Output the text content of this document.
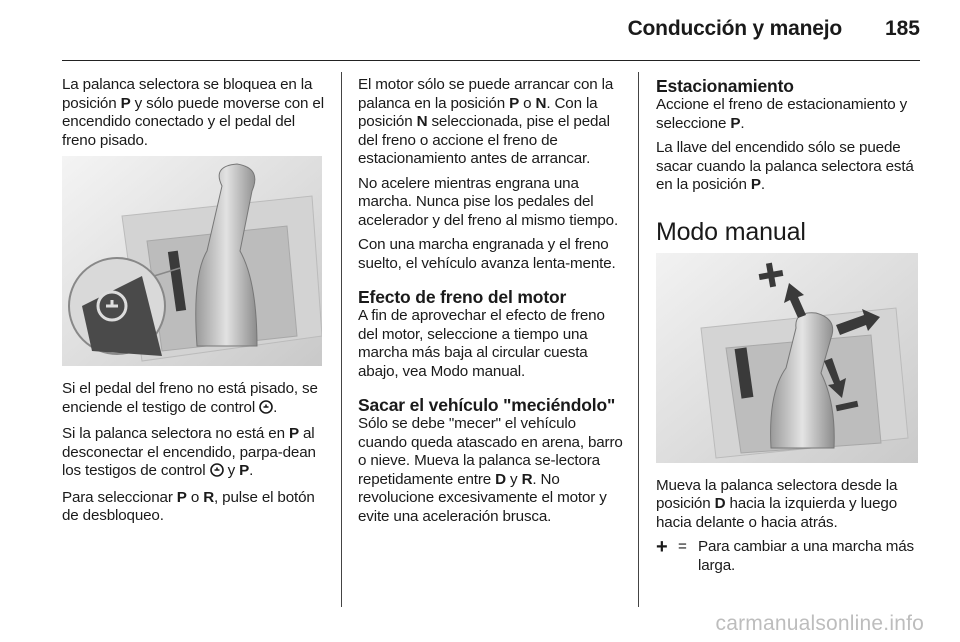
Conducción y manejo 185

La palanca selectora se bloquea en la posición P y sólo puede moverse con el encendido conectado y el pedal del freno pisado.

Si el pedal del freno no está pisado, se enciende el testigo de control .

Si la palanca selectora no está en P al desconectar el encendido, parpa-dean los testigos de control  y P.

Para seleccionar P o R, pulse el botón de desbloqueo.

El motor sólo se puede arrancar con la palanca en la posición P o N. Con la posición N seleccionada, pise el pedal del freno o accione el freno de estacionamiento antes de arrancar.

No acelere mientras engrana una marcha. Nunca pise los pedales del acelerador y del freno al mismo tiempo.

Con una marcha engranada y el freno suelto, el vehículo avanza lenta-mente.

Efecto de freno del motor

A fin de aprovechar el efecto de freno del motor, seleccione a tiempo una marcha más baja al circular cuesta abajo, vea Modo manual.

Sacar el vehículo "meciéndolo"

Sólo se debe "mecer" el vehículo cuando queda atascado en arena, barro o nieve. Mueva la palanca se-lectora repetidamente entre D y R. No revolucione excesivamente el motor y evite una aceleración brusca.

Estacionamiento

Accione el freno de estacionamiento y seleccione P.

La llave del encendido sólo se puede sacar cuando la palanca selectora está en la posición P.

Modo manual

Mueva la palanca selectora desde la posición D hacia la izquierda y luego hacia delante o hacia atrás.

+ = Para cambiar a una marcha más larga.
carmanualsonline.info
